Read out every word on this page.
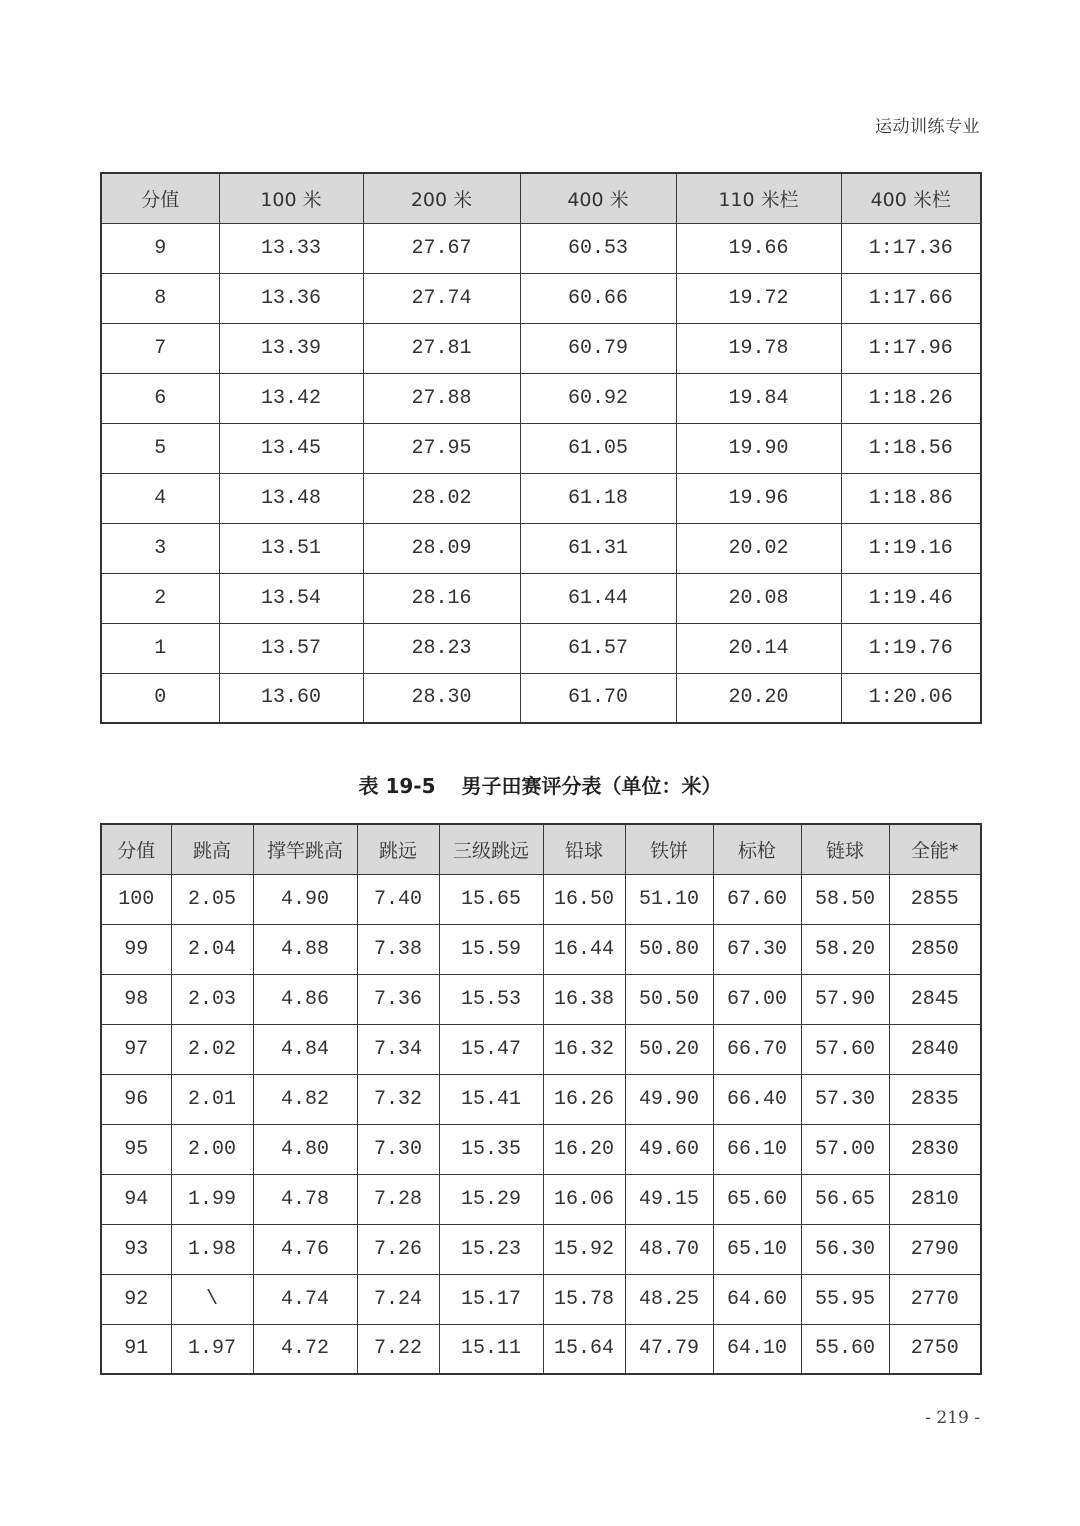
运动训练专业
分值	100 米	200 米	400 米	110 米栏	400 米栏
9	13.33	27.67	60.53	19.66	1:17.36
8	13.36	27.74	60.66	19.72	1:17.66
7	13.39	27.81	60.79	19.78	1:17.96
6	13.42	27.88	60.92	19.84	1:18.26
5	13.45	27.95	61.05	19.90	1:18.56
4	13.48	28.02	61.18	19.96	1:18.86
3	13.51	28.09	61.31	20.02	1:19.16
2	13.54	28.16	61.44	20.08	1:19.46
1	13.57	28.23	61.57	20.14	1:19.76
0	13.60	28.30	61.70	20.20	1:20.06
表 19-5 男子田赛评分表（单位：米）
分值	跳高	撑竿跳高	跳远	三级跳远	铅球	铁饼	标枪	链球	全能*
100	2.05	4.90	7.40	15.65	16.50	51.10	67.60	58.50	2855
99	2.04	4.88	7.38	15.59	16.44	50.80	67.30	58.20	2850
98	2.03	4.86	7.36	15.53	16.38	50.50	67.00	57.90	2845
97	2.02	4.84	7.34	15.47	16.32	50.20	66.70	57.60	2840
96	2.01	4.82	7.32	15.41	16.26	49.90	66.40	57.30	2835
95	2.00	4.80	7.30	15.35	16.20	49.60	66.10	57.00	2830
94	1.99	4.78	7.28	15.29	16.06	49.15	65.60	56.65	2810
93	1.98	4.76	7.26	15.23	15.92	48.70	65.10	56.30	2790
92	\	4.74	7.24	15.17	15.78	48.25	64.60	55.95	2770
91	1.97	4.72	7.22	15.11	15.64	47.79	64.10	55.60	2750
- 219 -
